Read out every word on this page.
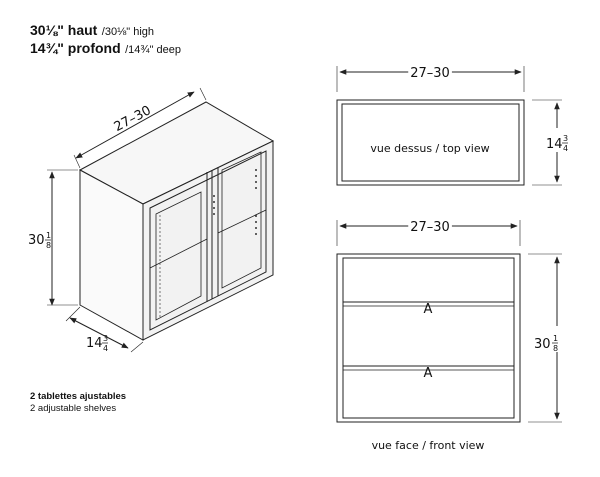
30⅛" haut /30⅛" high
14¾" profond /14¾" deep
27–30
30 1
8
14 3
4
27–30
vue dessus / top view	14 3
4
27–30
A
A
30 1
8
vue face / front view
2 tablettes ajustables
2 adjustable shelves
